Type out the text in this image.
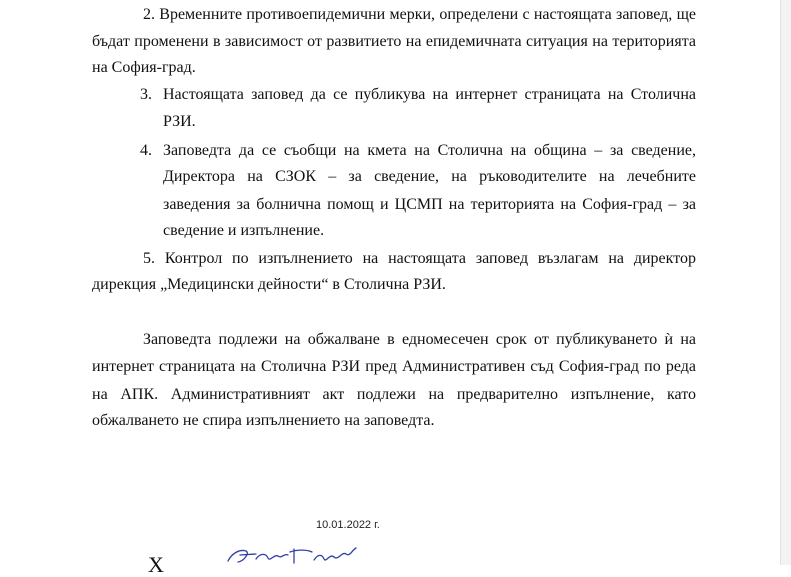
2. Временните противоепидемични мерки, определени с настоящата заповед, ще
бъдат променени в зависимост от развитието на епидемичната ситуация на територията
на София-град.
3. Настоящата заповед да се публикува на интернет страницата на Столична
РЗИ.
4. Заповедта да се съобщи на кмета на Столична на община – за сведение,
Директора на СЗОК – за сведение, на ръководителите на лечебните
заведения за болнична помощ и ЦСМП на територията на София-град – за
сведение и изпълнение.
5. Контрол по изпълнението на настоящата заповед възлагам на директор
дирекция „Медицински дейности“ в Столична РЗИ.
Заповедта подлежи на обжалване в едномесечен срок от публикуването ѝ на
интернет страницата на Столична РЗИ пред Административен съд София-град по реда
на АПК. Административният акт подлежи на предварително изпълнение, като
обжалването не спира изпълнението на заповедта.
10.01.2022 г.
Х
